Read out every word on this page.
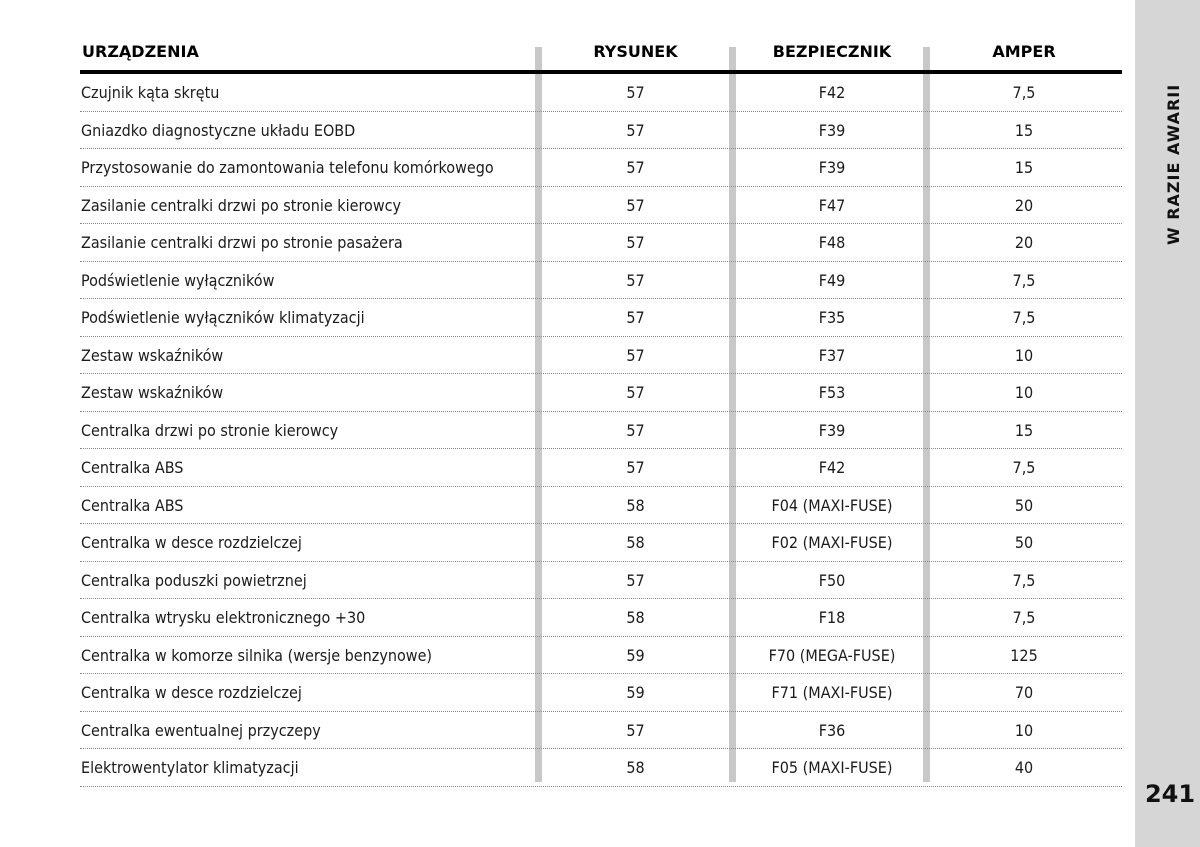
W RAZIE AWARII
241
URZĄDZENIA	RYSUNEK	BEZPIECZNIK	AMPER
Czujnik kąta skrętu	57	F42	7,5
Gniazdko diagnostyczne układu EOBD	57	F39	15
Przystosowanie do zamontowania telefonu komórkowego	57	F39	15
Zasilanie centralki drzwi po stronie kierowcy	57	F47	20
Zasilanie centralki drzwi po stronie pasażera	57	F48	20
Podświetlenie wyłączników	57	F49	7,5
Podświetlenie wyłączników klimatyzacji	57	F35	7,5
Zestaw wskaźników	57	F37	10
Zestaw wskaźników	57	F53	10
Centralka drzwi po stronie kierowcy	57	F39	15
Centralka ABS	57	F42	7,5
Centralka ABS	58	F04 (MAXI-FUSE)	50
Centralka w desce rozdzielczej	58	F02 (MAXI-FUSE)	50
Centralka poduszki powietrznej	57	F50	7,5
Centralka wtrysku elektronicznego +30	58	F18	7,5
Centralka w komorze silnika (wersje benzynowe)	59	F70 (MEGA-FUSE)	125
Centralka w desce rozdzielczej	59	F71 (MAXI-FUSE)	70
Centralka ewentualnej przyczepy	57	F36	10
Elektrowentylator klimatyzacji	58	F05 (MAXI-FUSE)	40
